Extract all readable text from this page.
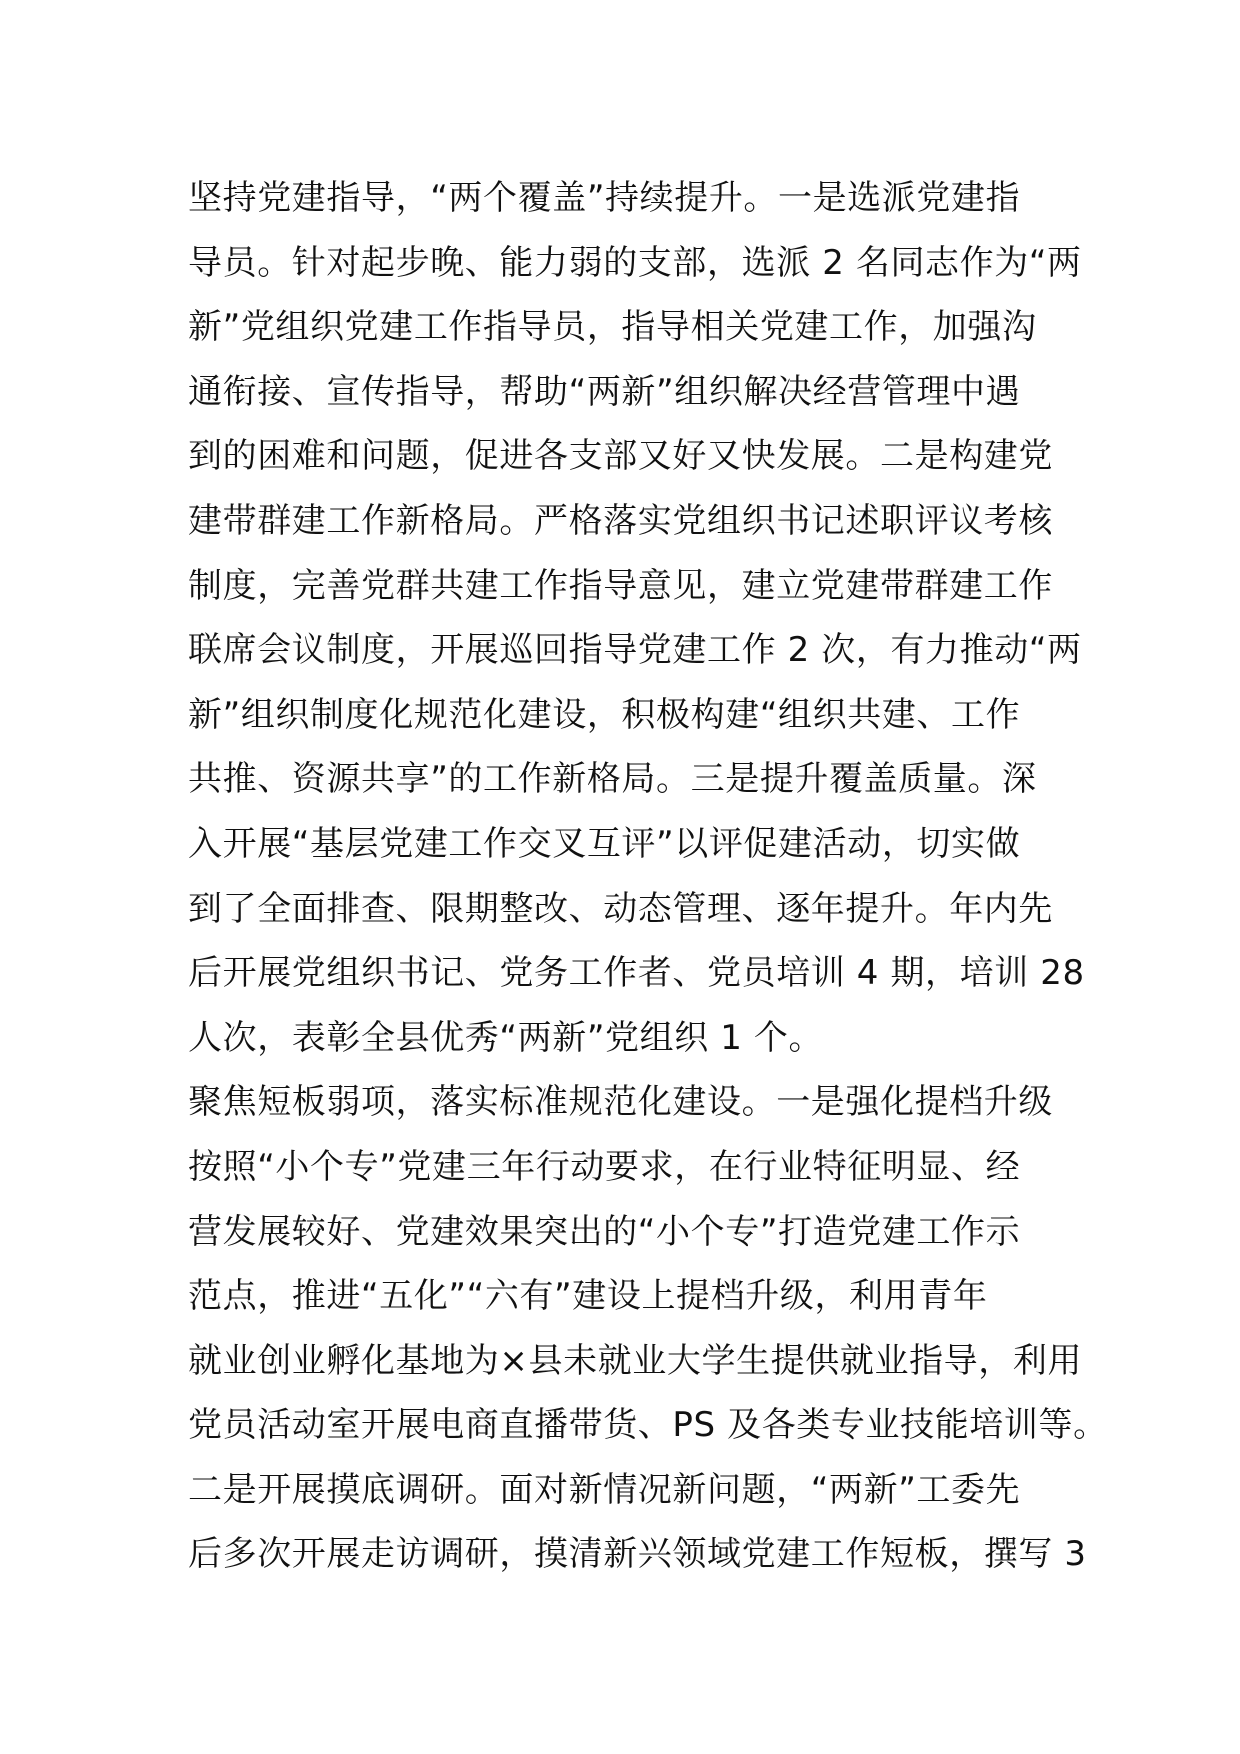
坚持党建指导，“两个覆盖”持续提升。一是选派党建指
导员。针对起步晚、能力弱的支部，选派 2 名同志作为“两
新”党组织党建工作指导员，指导相关党建工作，加强沟
通衔接、宣传指导，帮助“两新”组织解决经营管理中遇
到的困难和问题，促进各支部又好又快发展。二是构建党
建带群建工作新格局。严格落实党组织书记述职评议考核
制度，完善党群共建工作指导意见，建立党建带群建工作
联席会议制度，开展巡回指导党建工作 2 次，有力推动“两
新”组织制度化规范化建设，积极构建“组织共建、工作
共推、资源共享”的工作新格局。三是提升覆盖质量。深
入开展“基层党建工作交叉互评”以评促建活动，切实做
到了全面排查、限期整改、动态管理、逐年提升。年内先
后开展党组织书记、党务工作者、党员培训 4 期，培训 28
人次，表彰全县优秀“两新”党组织 1 个。
聚焦短板弱项，落实标准规范化建设。一是强化提档升级
按照“小个专”党建三年行动要求，在行业特征明显、经
营发展较好、党建效果突出的“小个专”打造党建工作示
范点，推进“五化”“六有”建设上提档升级，利用青年
就业创业孵化基地为×县未就业大学生提供就业指导，利用
党员活动室开展电商直播带货、PS 及各类专业技能培训等。
二是开展摸底调研。面对新情况新问题，“两新”工委先
后多次开展走访调研，摸清新兴领域党建工作短板，撰写 3
